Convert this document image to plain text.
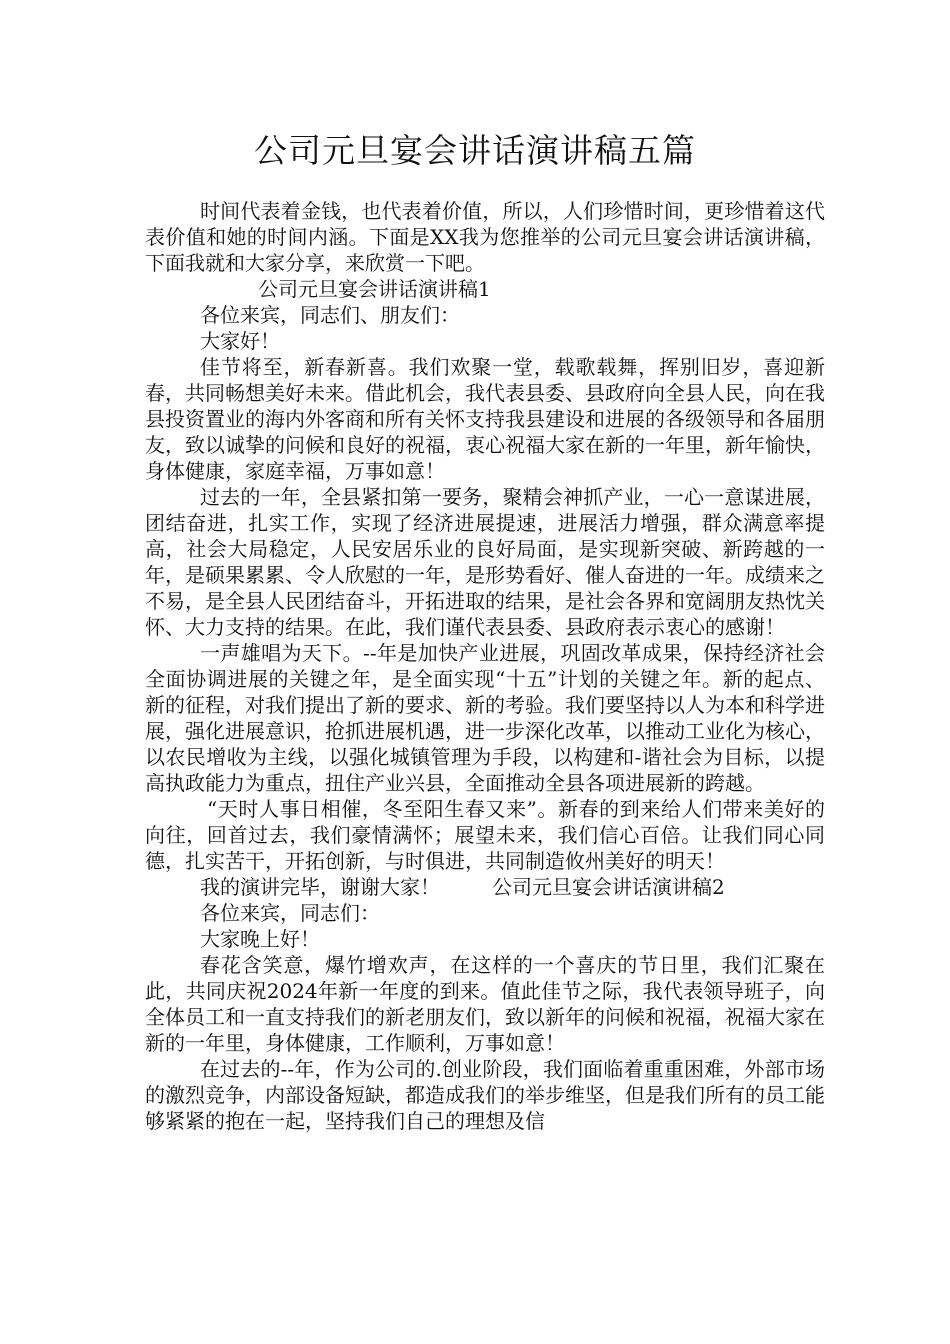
公司元旦宴会讲话演讲稿五篇

时间代表着金钱，也代表着价值，所以，人们珍惜时间，更珍惜着这代表价值和她的时间内涵。下面是XX我为您推举的公司元旦宴会讲话演讲稿，下面我就和大家分享，来欣赏一下吧。

公司元旦宴会讲话演讲稿1

各位来宾，同志们、朋友们：

大家好！

佳节将至，新春新喜。我们欢聚一堂，载歌载舞，挥别旧岁，喜迎新春，共同畅想美好未来。借此机会，我代表县委、县政府向全县人民，向在我县投资置业的海内外客商和所有关怀支持我县建设和进展的各级领导和各届朋友，致以诚挚的问候和良好的祝福，衷心祝福大家在新的一年里，新年愉快，身体健康，家庭幸福，万事如意！

过去的一年，全县紧扣第一要务，聚精会神抓产业，一心一意谋进展，团结奋进，扎实工作，实现了经济进展提速，进展活力增强，群众满意率提高，社会大局稳定，人民安居乐业的良好局面，是实现新突破、新跨越的一年，是硕果累累、令人欣慰的一年，是形势看好、催人奋进的一年。成绩来之不易，是全县人民团结奋斗，开拓进取的结果，是社会各界和宽阔朋友热忱关怀、大力支持的结果。在此，我们谨代表县委、县政府表示衷心的感谢！

一声雄唱为天下。--年是加快产业进展，巩固改革成果，保持经济社会全面协调进展的关键之年，是全面实现“十五”计划的关键之年。新的起点、新的征程，对我们提出了新的要求、新的考验。我们要坚持以人为本和科学进展，强化进展意识，抢抓进展机遇，进一步深化改革，以推动工业化为核心，以农民增收为主线，以强化城镇管理为手段，以构建和-谐社会为目标，以提高执政能力为重点，扭住产业兴县，全面推动全县各项进展新的跨越。

“天时人事日相催，冬至阳生春又来”。新春的到来给人们带来美好的向往，回首过去，我们豪情满怀；展望未来，我们信心百倍。让我们同心同德，扎实苦干，开拓创新，与时俱进，共同制造攸州美好的明天！

我的演讲完毕，谢谢大家！	公司元旦宴会讲话演讲稿2

各位来宾，同志们：

大家晚上好！

春花含笑意，爆竹增欢声，在这样的一个喜庆的节日里，我们汇聚在此，共同庆祝2024年新一年度的到来。值此佳节之际，我代表领导班子，向全体员工和一直支持我们的新老朋友们，致以新年的问候和祝福，祝福大家在新的一年里，身体健康，工作顺利，万事如意！

在过去的--年，作为公司的.创业阶段，我们面临着重重困难，外部市场的激烈竞争，内部设备短缺，都造成我们的举步维坚，但是我们所有的员工能够紧紧的抱在一起，坚持我们自己的理想及信
